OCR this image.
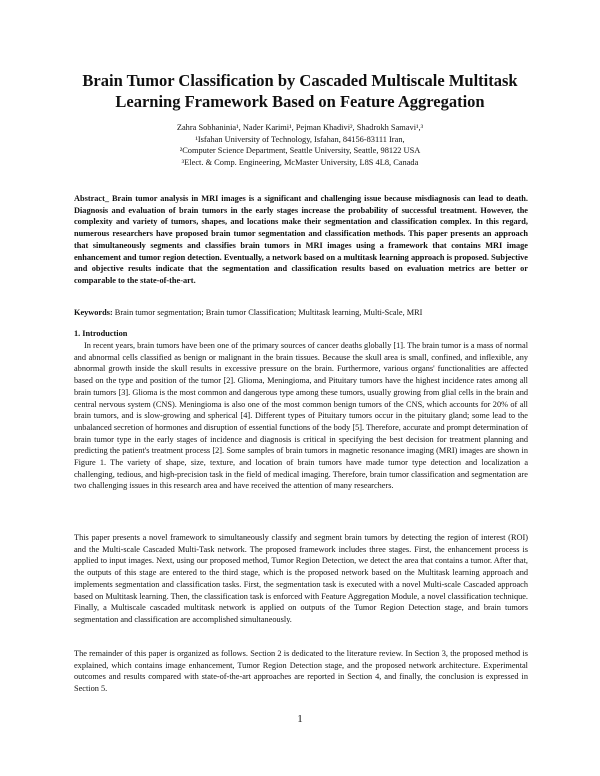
Brain Tumor Classification by Cascaded Multiscale Multitask
Learning Framework Based on Feature Aggregation
Zahra Sobhaninia¹, Nader Karimi¹, Pejman Khadivi², Shadrokh Samavi¹,³
¹Isfahan University of Technology, Isfahan, 84156-83111 Iran,
²Computer Science Department, Seattle University, Seattle, 98122 USA
³Elect. & Comp. Engineering, McMaster University, L8S 4L8, Canada

Abstract_ Brain tumor analysis in MRI images is a significant and challenging issue because misdiagnosis can lead to death. Diagnosis and evaluation of brain tumors in the early stages increase the probability of successful treatment. However, the complexity and variety of tumors, shapes, and locations make their segmentation and classification complex. In this regard, numerous researchers have proposed brain tumor segmentation and classification methods. This paper presents an approach that simultaneously segments and classifies brain tumors in MRI images using a framework that contains MRI image enhancement and tumor region detection. Eventually, a network based on a multitask learning approach is proposed. Subjective and objective results indicate that the segmentation and classification results based on evaluation metrics are better or comparable to the state-of-the-art.

Keywords: Brain tumor segmentation; Brain tumor Classification; Multitask learning, Multi-Scale, MRI

1. Introduction

In recent years, brain tumors have been one of the primary sources of cancer deaths globally [1]. The brain tumor is a mass of normal and abnormal cells classified as benign or malignant in the brain tissues. Because the skull area is small, confined, and inflexible, any abnormal growth inside the skull results in excessive pressure on the brain. Furthermore, various organs' functionalities are affected based on the type and position of the tumor [2]. Glioma, Meningioma, and Pituitary tumors have the highest incidence rates among all brain tumors [3]. Glioma is the most common and dangerous type among these tumors, usually growing from glial cells in the brain and central nervous system (CNS). Meningioma is also one of the most common benign tumors of the CNS, which accounts for 20% of all brain tumors, and is slow-growing and spherical [4]. Different types of Pituitary tumors occur in the pituitary gland; some lead to the unbalanced secretion of hormones and disruption of essential functions of the body [5]. Therefore, accurate and prompt determination of brain tumor type in the early stages of incidence and diagnosis is critical in specifying the best decision for treatment planning and predicting the patient's treatment process [2]. Some samples of brain tumors in magnetic resonance imaging (MRI) images are shown in Figure 1. The variety of shape, size, texture, and location of brain tumors have made tumor type detection and localization a challenging, tedious, and high-precision task in the field of medical imaging. Therefore, brain tumor classification and segmentation are two challenging issues in this research area and have received the attention of many researchers.

This paper presents a novel framework to simultaneously classify and segment brain tumors by detecting the region of interest (ROI) and the Multi-scale Cascaded Multi-Task network. The proposed framework includes three stages. First, the enhancement process is applied to input images. Next, using our proposed method, Tumor Region Detection, we detect the area that contains a tumor. After that, the outputs of this stage are entered to the third stage, which is the proposed network based on the Multitask learning approach and implements segmentation and classification tasks. First, the segmentation task is executed with a novel Multi-scale Cascaded approach based on Multitask learning. Then, the classification task is enforced with Feature Aggregation Module, a novel classification technique. Finally, a Multiscale cascaded multitask network is applied on outputs of the Tumor Region Detection stage, and brain tumors segmentation and classification are accomplished simultaneously.

The remainder of this paper is organized as follows. Section 2 is dedicated to the literature review. In Section 3, the proposed method is explained, which contains image enhancement, Tumor Region Detection stage, and the proposed network architecture. Experimental outcomes and results compared with state-of-the-art approaches are reported in Section 4, and finally, the conclusion is expressed in Section 5.

1
